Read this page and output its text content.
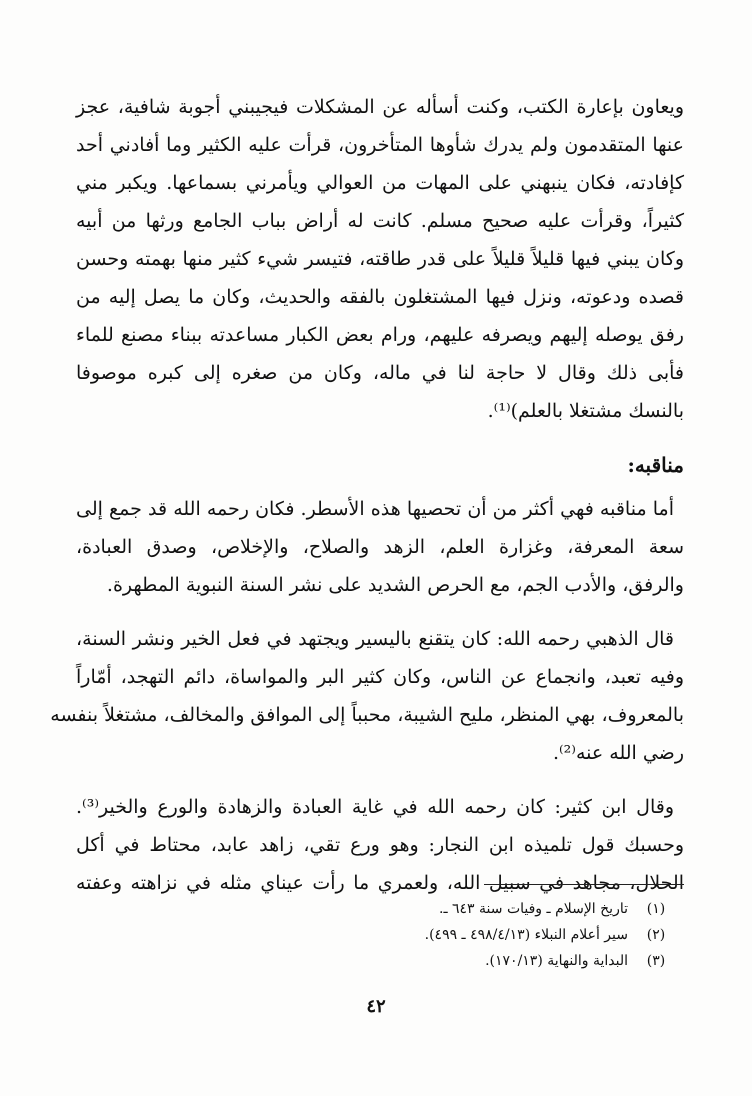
ويعاون بإعارة الكتب، وكنت أسأله عن المشكلات فيجيبني أجوبة شافية، عجز
عنها المتقدمون ولم يدرك شأوها المتأخرون، قرأت عليه الكثير وما أفادني أحد
كإفادته، فكان ينبهني على المهات من العوالي ويأمرني بسماعها. ويكبر مني
كثيراً، وقرأت عليه صحيح مسلم. كانت له أراض بباب الجامع ورثها من أبيه
وكان يبني فيها قليلاً قليلاً على قدر طاقته، فتيسر شيء كثير منها بهمته وحسن
قصده ودعوته، ونزل فيها المشتغلون بالفقه والحديث، وكان ما يصل إليه من
رفق يوصله إليهم ويصرفه عليهم، ورام بعض الكبار مساعدته ببناء مصنع للماء
فأبى ذلك وقال لا حاجة لنا في ماله، وكان من صغره إلى كبره موصوفا
بالنسك مشتغلا بالعلم)⁽¹⁾.
مناقبه:
أما مناقبه فهي أكثر من أن تحصيها هذه الأسطر. فكان رحمه الله قد جمع إلى
سعة المعرفة، وغزارة العلم، الزهد والصلاح، والإخلاص، وصدق العبادة،
والرفق، والأدب الجم، مع الحرص الشديد على نشر السنة النبوية المطهرة.
قال الذهبي رحمه الله: كان يتقنع باليسير ويجتهد في فعل الخير ونشر السنة،
وفيه تعبد، وانجماع عن الناس، وكان كثير البر والمواساة، دائم التهجد، أمّاراً
بالمعروف، بهي المنظر، مليح الشيبة، محبباً إلى الموافق والمخالف، مشتغلاً بنفسه
رضي الله عنه⁽²⁾.
وقال ابن كثير: كان رحمه الله في غاية العبادة والزهادة والورع والخير⁽³⁾.
وحسبك قول تلميذه ابن النجار: وهو ورع تقي، زاهد عابد، محتاط في أكل
الحلال، مجاهد في سبيل الله، ولعمري ما رأت عيناي مثله في نزاهته وعفته
(١)
تاريخ الإسلام ـ وفيات سنة ٦٤٣ ـ.
(٢)
سير أعلام النبلاء (٤٩٨/٤/١٣ ـ ٤٩٩).
(٣)
البداية والنهاية (١٧٠/١٣).
٤٢
